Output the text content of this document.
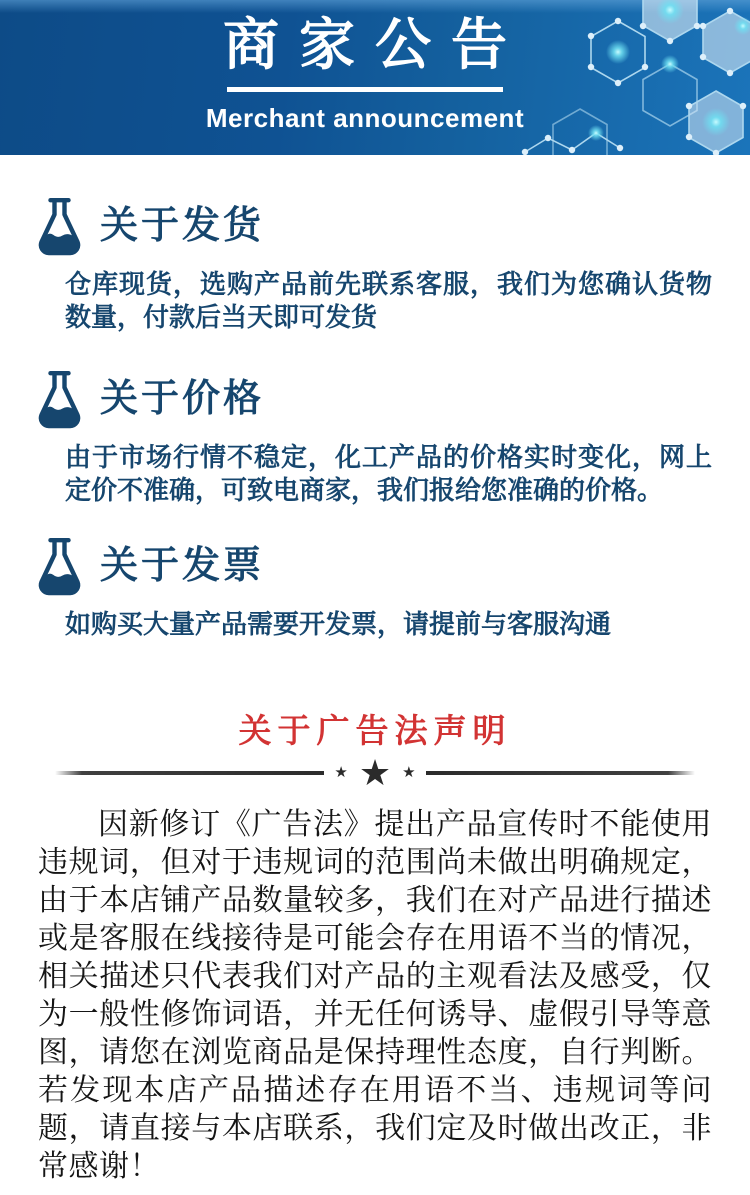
商家公告
Merchant announcement
关于发货

仓库现货，选购产品前先联系客服，我们为您确认货物数量，付款后当天即可发货

关于价格

由于市场行情不稳定，化工产品的价格实时变化，网上定价不准确，可致电商家，我们报给您准确的价格。

关于发票

如购买大量产品需要开发票，请提前与客服沟通

关于广告法声明
★ ★ ★

因新修订《广告法》提出产品宣传时不能使用违规词，但对于违规词的范围尚未做出明确规定，由于本店铺产品数量较多，我们在对产品进行描述或是客服在线接待是可能会存在用语不当的情况，相关描述只代表我们对产品的主观看法及感受，仅为一般性修饰词语，并无任何诱导、虚假引导等意图，请您在浏览商品是保持理性态度，自行判断。若发现本店产品描述存在用语不当、违规词等问题，请直接与本店联系，我们定及时做出改正，非常感谢！
